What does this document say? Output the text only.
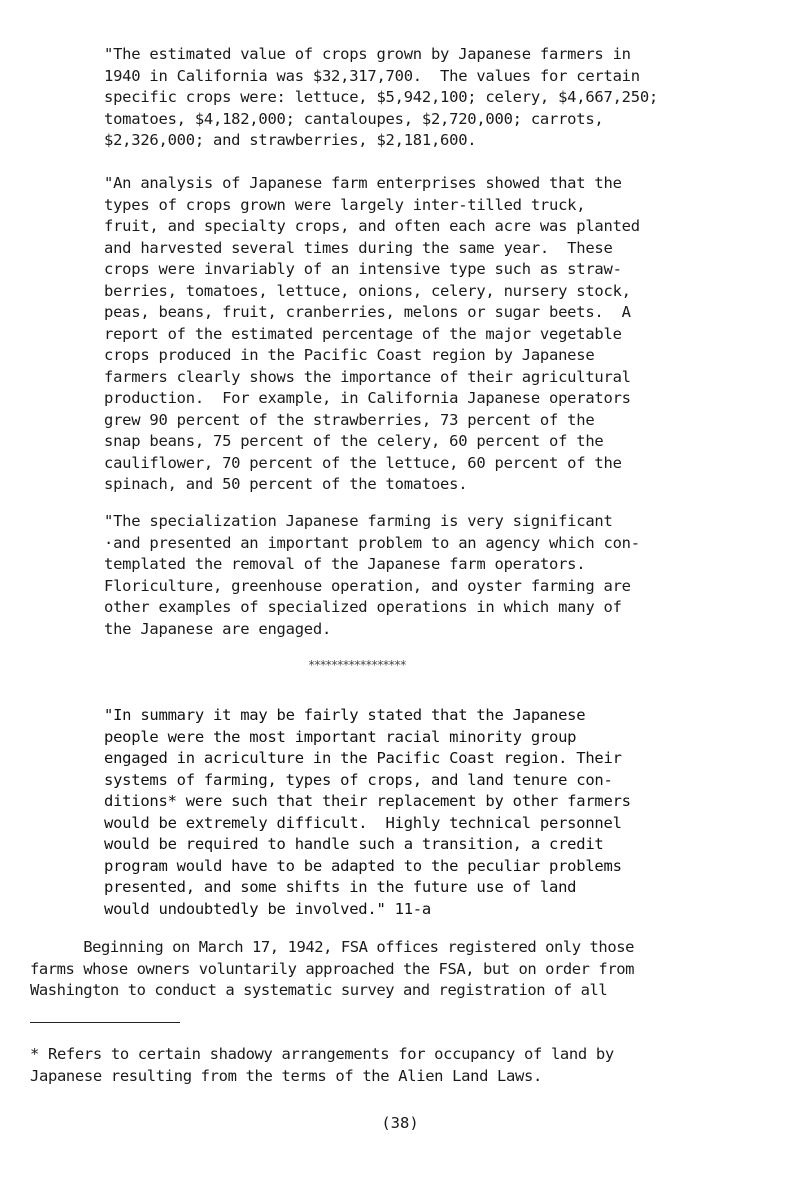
"The estimated value of crops grown by Japanese farmers in
1940 in California was $32,317,700.  The values for certain
specific crops were: lettuce, $5,942,100; celery, $4,667,250;
tomatoes, $4,182,000; cantaloupes, $2,720,000; carrots,
$2,326,000; and strawberries, $2,181,600.
"An analysis of Japanese farm enterprises showed that the
types of crops grown were largely inter-tilled truck,
fruit, and specialty crops, and often each acre was planted
and harvested several times during the same year.  These
crops were invariably of an intensive type such as straw-
berries, tomatoes, lettuce, onions, celery, nursery stock,
peas, beans, fruit, cranberries, melons or sugar beets.  A
report of the estimated percentage of the major vegetable
crops produced in the Pacific Coast region by Japanese
farmers clearly shows the importance of their agricultural
production.  For example, in California Japanese operators
grew 90 percent of the strawberries, 73 percent of the
snap beans, 75 percent of the celery, 60 percent of the
cauliflower, 70 percent of the lettuce, 60 percent of the
spinach, and 50 percent of the tomatoes.
"The specialization Japanese farming is very significant
·and presented an important problem to an agency which con-
templated the removal of the Japanese farm operators.
Floriculture, greenhouse operation, and oyster farming are
other examples of specialized operations in which many of
the Japanese are engaged.
*****************
"In summary it may be fairly stated that the Japanese
people were the most important racial minority group
engaged in acriculture in the Pacific Coast region. Their
systems of farming, types of crops, and land tenure con-
ditions* were such that their replacement by other farmers
would be extremely difficult.  Highly technical personnel
would be required to handle such a transition, a credit
program would have to be adapted to the peculiar problems
presented, and some shifts in the future use of land
would undoubtedly be involved." 11-a
Beginning on March 17, 1942, FSA offices registered only those
farms whose owners voluntarily approached the FSA, but on order from
Washington to conduct a systematic survey and registration of all
* Refers to certain shadowy arrangements for occupancy of land by
Japanese resulting from the terms of the Alien Land Laws.
(38)
